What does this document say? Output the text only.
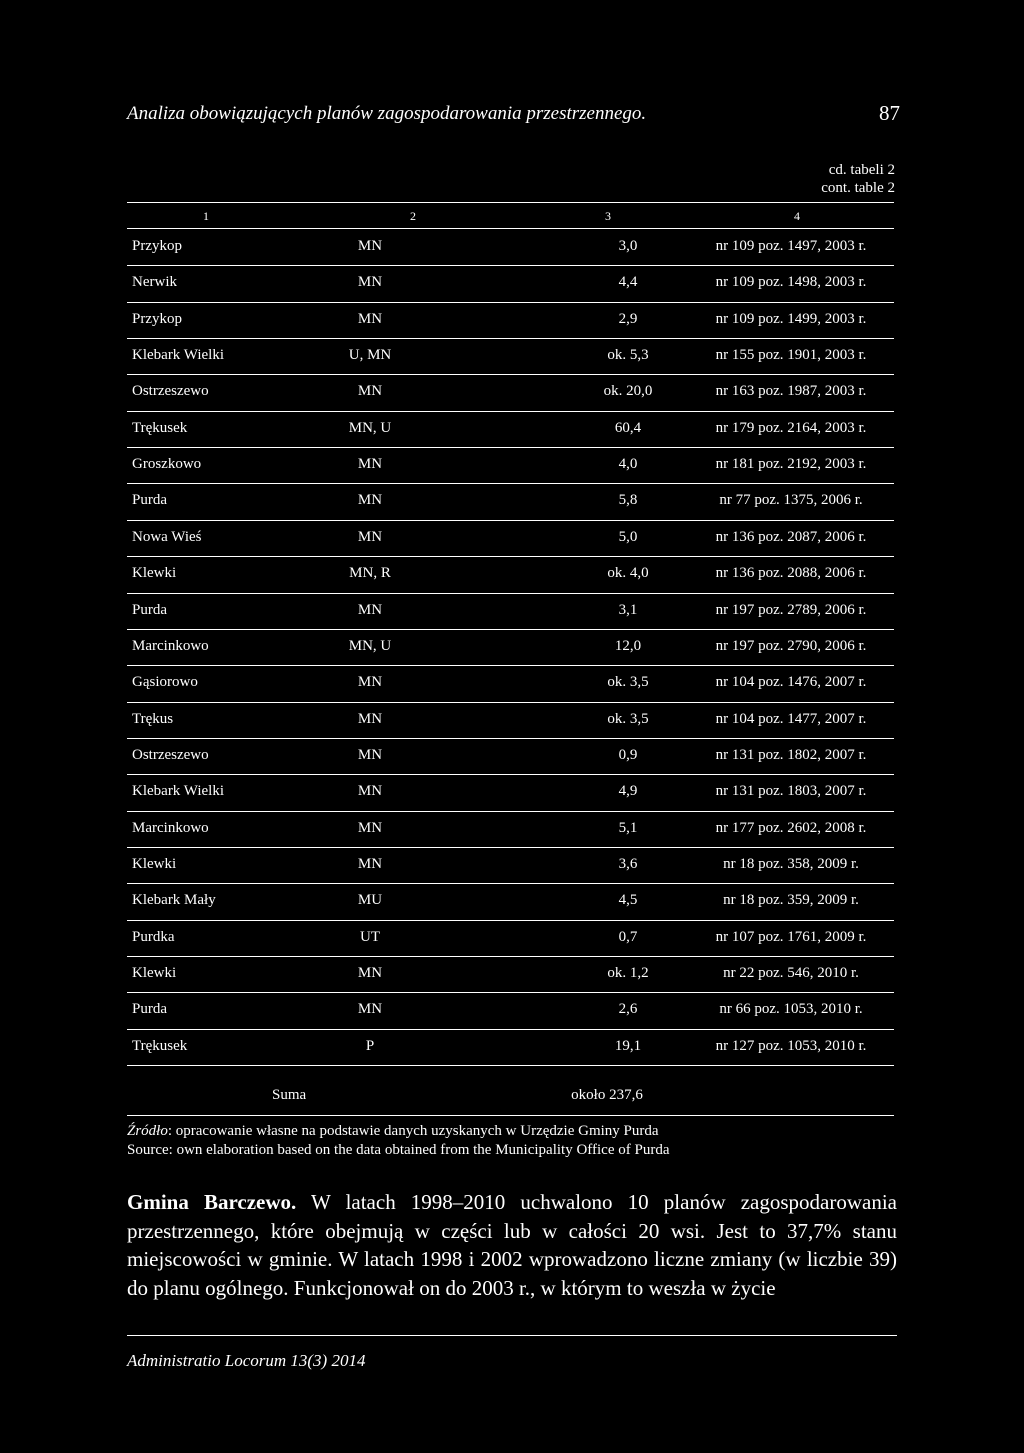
Analiza obowiązujących planów zagospodarowania przestrzennego.	87
cd. tabeli 2
cont. table 2
1	2	3	4
Przykop	MN	3,0	nr 109 poz. 1497, 2003 r.
Nerwik	MN	4,4	nr 109 poz. 1498, 2003 r.
Przykop	MN	2,9	nr 109 poz. 1499, 2003 r.
Klebark Wielki	U, MN	ok. 5,3	nr 155 poz. 1901, 2003 r.
Ostrzeszewo	MN	ok. 20,0	nr 163 poz. 1987, 2003 r.
Trękusek	MN, U	60,4	nr 179 poz. 2164, 2003 r.
Groszkowo	MN	4,0	nr 181 poz. 2192, 2003 r.
Purda	MN	5,8	nr 77 poz. 1375, 2006 r.
Nowa Wieś	MN	5,0	nr 136 poz. 2087, 2006 r.
Klewki	MN, R	ok. 4,0	nr 136 poz. 2088, 2006 r.
Purda	MN	3,1	nr 197 poz. 2789, 2006 r.
Marcinkowo	MN, U	12,0	nr 197 poz. 2790, 2006 r.
Gąsiorowo	MN	ok. 3,5	nr 104 poz. 1476, 2007 r.
Trękus	MN	ok. 3,5	nr 104 poz. 1477, 2007 r.
Ostrzeszewo	MN	0,9	nr 131 poz. 1802, 2007 r.
Klebark Wielki	MN	4,9	nr 131 poz. 1803, 2007 r.
Marcinkowo	MN	5,1	nr 177 poz. 2602, 2008 r.
Klewki	MN	3,6	nr 18 poz. 358, 2009 r.
Klebark Mały	MU	4,5	nr 18 poz. 359, 2009 r.
Purdka	UT	0,7	nr 107 poz. 1761, 2009 r.
Klewki	MN	ok. 1,2	nr 22 poz. 546, 2010 r.
Purda	MN	2,6	nr 66 poz. 1053, 2010 r.
Trękusek	P	19,1	nr 127 poz. 1053, 2010 r.
Suma	około 237,6
Źródło: opracowanie własne na podstawie danych uzyskanych w Urzędzie Gminy Purda
Source: own elaboration based on the data obtained from the Municipality Office of Purda
Gmina Barczewo. W latach 1998–2010 uchwalono 10 planów zagospodarowania przestrzennego, które obejmują w części lub w całości 20 wsi. Jest to 37,7% stanu miejscowości w gminie. W latach 1998 i 2002 wprowadzono liczne zmiany (w liczbie 39) do planu ogólnego. Funkcjonował on do 2003 r., w którym to weszła w życie
Administratio Locorum 13(3) 2014
